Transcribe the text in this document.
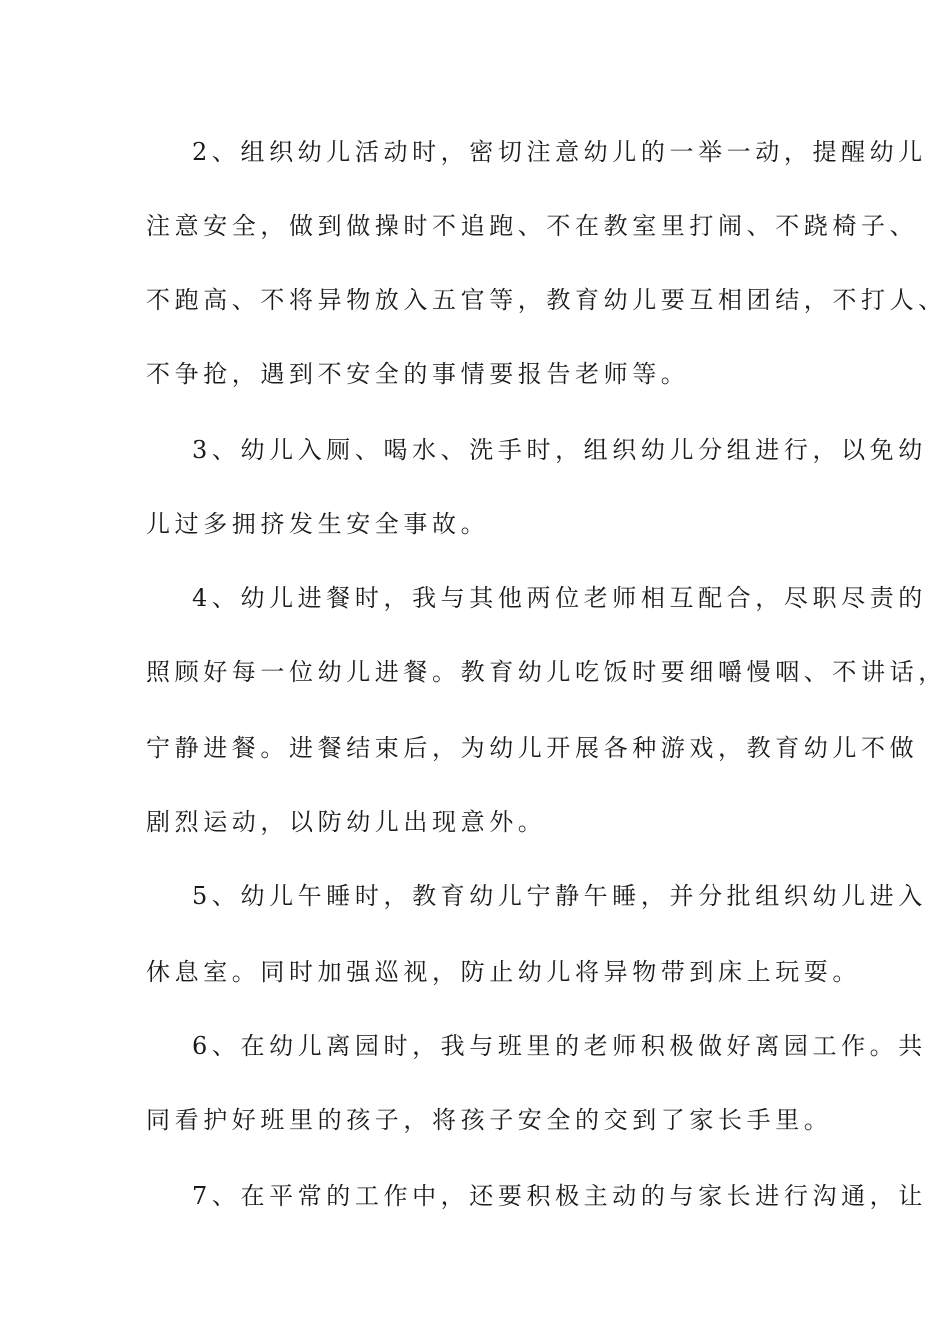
2、组织幼儿活动时，密切注意幼儿的一举一动，提醒幼儿
注意安全，做到做操时不追跑、不在教室里打闹、不跷椅子、
不跑高、不将异物放入五官等，教育幼儿要互相团结，不打人、
不争抢，遇到不安全的事情要报告老师等。
3、幼儿入厕、喝水、洗手时，组织幼儿分组进行，以免幼
儿过多拥挤发生安全事故。
4、幼儿进餐时，我与其他两位老师相互配合，尽职尽责的
照顾好每一位幼儿进餐。教育幼儿吃饭时要细嚼慢咽、不讲话，
宁静进餐。进餐结束后，为幼儿开展各种游戏，教育幼儿不做
剧烈运动，以防幼儿出现意外。
5、幼儿午睡时，教育幼儿宁静午睡，并分批组织幼儿进入
休息室。同时加强巡视，防止幼儿将异物带到床上玩耍。
6、在幼儿离园时，我与班里的老师积极做好离园工作。共
同看护好班里的孩子，将孩子安全的交到了家长手里。
7、在平常的工作中，还要积极主动的与家长进行沟通，让
